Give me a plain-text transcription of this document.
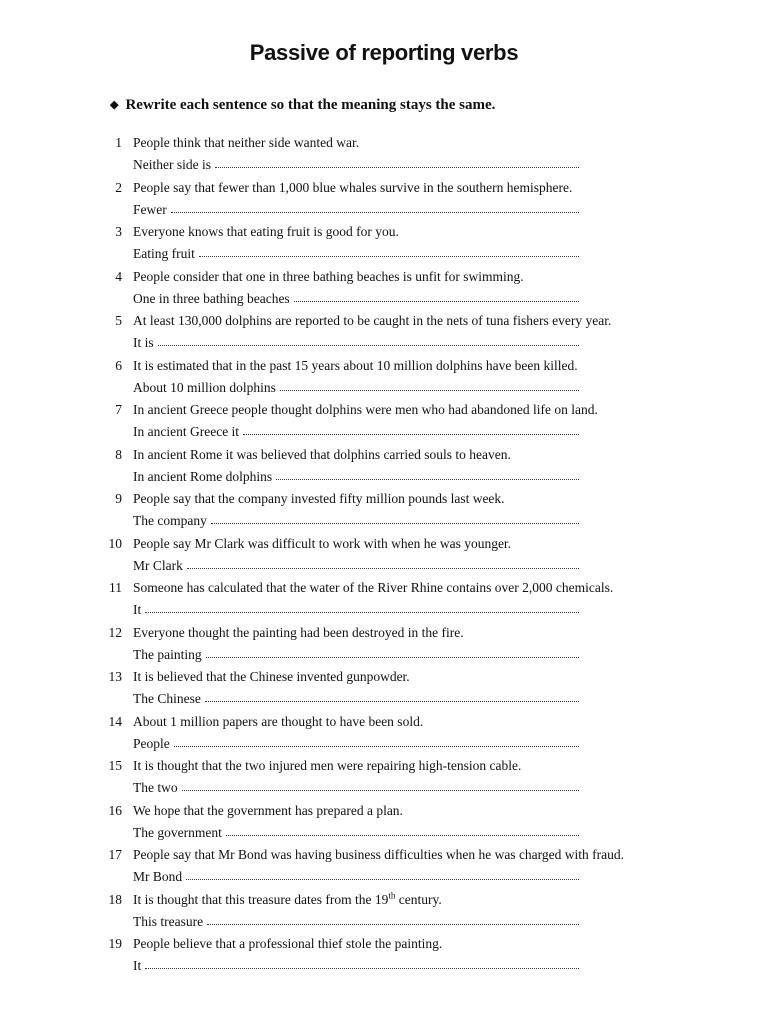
Passive of reporting verbs
◆ Rewrite each sentence so that the meaning stays the same.
1 People think that neither side wanted war.
Neither side is
2 People say that fewer than 1,000 blue whales survive in the southern hemisphere.
Fewer
3 Everyone knows that eating fruit is good for you.
Eating fruit
4 People consider that one in three bathing beaches is unfit for swimming.
One in three bathing beaches
5 At least 130,000 dolphins are reported to be caught in the nets of tuna fishers every year.
It is
6 It is estimated that in the past 15 years about 10 million dolphins have been killed.
About 10 million dolphins
7 In ancient Greece people thought dolphins were men who had abandoned life on land.
In ancient Greece it
8 In ancient Rome it was believed that dolphins carried souls to heaven.
In ancient Rome dolphins
9 People say that the company invested fifty million pounds last week.
The company
10 People say Mr Clark was difficult to work with when he was younger.
Mr Clark
11 Someone has calculated that the water of the River Rhine contains over 2,000 chemicals.
It
12 Everyone thought the painting had been destroyed in the fire.
The painting
13 It is believed that the Chinese invented gunpowder.
The Chinese
14 About 1 million papers are thought to have been sold.
People
15 It is thought that the two injured men were repairing high-tension cable.
The two
16 We hope that the government has prepared a plan.
The government
17 People say that Mr Bond was having business difficulties when he was charged with fraud.
Mr Bond
18 It is thought that this treasure dates from the 19th century.
This treasure
19 People believe that a professional thief stole the painting.
It
